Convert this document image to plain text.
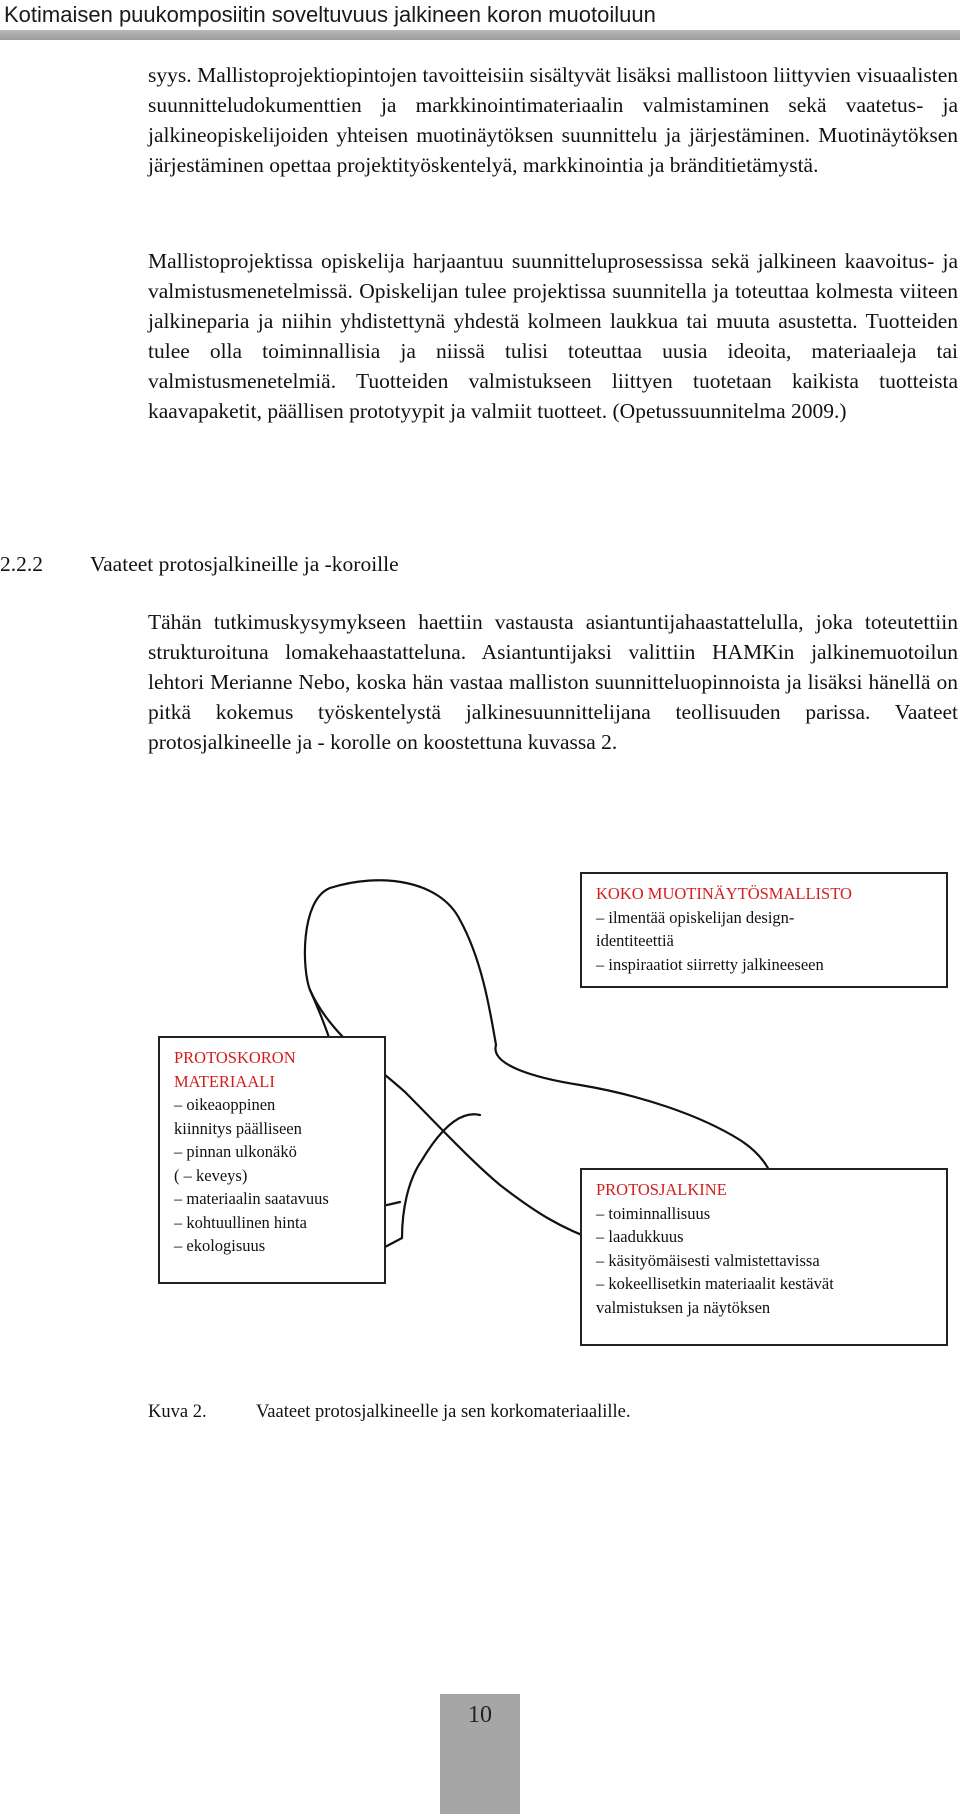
Kotimaisen puukomposiitin soveltuvuus jalkineen koron muotoiluun

syys. Mallistoprojektiopintojen tavoitteisiin sisältyvät lisäksi mallistoon liittyvien visuaalisten suunnitteludokumenttien ja markkinointimateriaalin valmistaminen sekä vaatetus- ja jalkineopiskelijoiden yhteisen muotinäytöksen suunnittelu ja järjestäminen. Muotinäytöksen järjestäminen opettaa projektityöskentelyä, markkinointia ja bränditietämystä.

Mallistoprojektissa opiskelija harjaantuu suunnitteluprosessissa sekä jalkineen kaavoitus- ja valmistusmenetelmissä. Opiskelijan tulee projektissa suunnitella ja toteuttaa kolmesta viiteen jalkineparia ja niihin yhdistettynä yhdestä kolmeen laukkua tai muuta asustetta. Tuotteiden tulee olla toiminnallisia ja niissä tulisi toteuttaa uusia ideoita, materiaaleja tai valmistusmenetelmiä. Tuotteiden valmistukseen liittyen tuotetaan kaikista tuotteista kaavapaketit, päällisen prototyypit ja valmiit tuotteet. (Opetussuunnitelma 2009.)

2.2.2 Vaateet protosjalkineille ja -koroille

Tähän tutkimuskysymykseen haettiin vastausta asiantuntijahaastattelulla, joka toteutettiin strukturoituna lomakehaastatteluna. Asiantuntijaksi valittiin HAMKin jalkinemuotoilun lehtori Merianne Nebo, koska hän vastaa malliston suunnitteluopinnoista ja lisäksi hänellä on pitkä kokemus työskentelystä jalkinesuunnittelijana teollisuuden parissa. Vaateet protosjalkineelle ja - korolle on koostettuna kuvassa 2.

KOKO MUOTINÄYTÖSMALLISTO
– ilmentää opiskelijan design-
identiteettiä
– inspiraatiot siirretty jalkineeseen
PROTOSKORON
MATERIAALI
– oikeaoppinen
kiinnitys päälliseen
– pinnan ulkonäkö
( – keveys)
– materiaalin saatavuus
– kohtuullinen hinta
– ekologisuus
PROTOSJALKINE
– toiminnallisuus
– laadukkuus
– käsityömäisesti valmistettavissa
– kokeellisetkin materiaalit kestävät
valmistuksen ja näytöksen
Kuva 2.	Vaateet protosjalkineelle ja sen korkomateriaalille.
10
